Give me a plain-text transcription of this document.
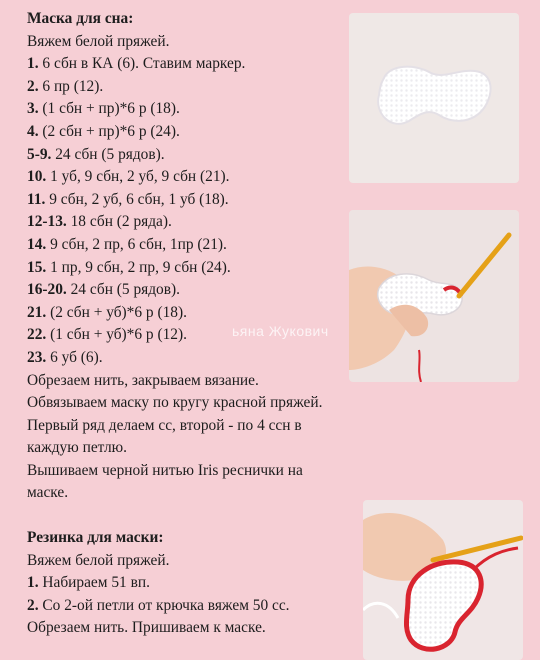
Маска для сна:
Вяжем белой пряжей.
1. 6 сбн в КА (6). Ставим маркер.
2. 6 пр (12).
3. (1 сбн + пр)*6 р (18).
4. (2 сбн + пр)*6 р (24).
5-9. 24 сбн (5 рядов).
10. 1 уб, 9 сбн, 2 уб, 9 сбн (21).
11. 9 сбн, 2 уб, 6 сбн, 1 уб (18).
12-13. 18 сбн (2 ряда).
14. 9 сбн, 2 пр, 6 сбн, 1пр (21).
15. 1 пр, 9 сбн, 2 пр, 9 сбн (24).
16-20. 24 сбн (5 рядов).
21. (2 сбн + уб)*6 р (18).
22. (1 сбн + уб)*6 р (12).
23. 6 уб (6).
Обрезаем нить, закрываем вязание.
Обвязываем маску по кругу красной пряжей.
Первый ряд делаем сс, второй - по 4 ссн в
каждую петлю.
Вышиваем черной нитью Iris реснички на
маске.
Резинка для маски:
Вяжем белой пряжей.
1. Набираем 51 вп.
2. Со 2-ой петли от крючка вяжем 50 сс.
Обрезаем нить. Пришиваем к маске.
ьяна Жукович
